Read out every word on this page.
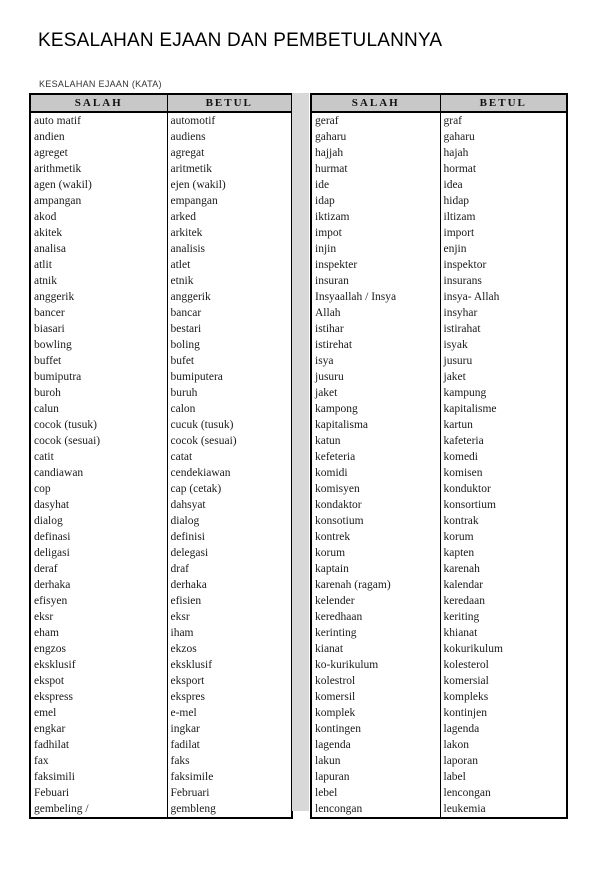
KESALAHAN EJAAN DAN PEMBETULANNYA
KESALAHAN EJAAN (KATA)
SALAH	BETUL
auto matif	automotif
andien	audiens
agreget	agregat
arithmetik	aritmetik
agen (wakil)	ejen (wakil)
ampangan	empangan
akod	arked
akitek	arkitek
analisa	analisis
atlit	atlet
atnik	etnik
anggerik	anggerik
bancer	bancar
biasari	bestari
bowling	boling
buffet	bufet
bumiputra	bumiputera
buroh	buruh
calun	calon
cocok (tusuk)	cucuk (tusuk)
cocok (sesuai)	cocok (sesuai)
catit	catat
candiawan	cendekiawan
cop	cap (cetak)
dasyhat	dahsyat
dialog	dialog
definasi	definisi
deligasi	delegasi
deraf	draf
derhaka	derhaka
efisyen	efisien
eksr	eksr
eham	iham
engzos	ekzos
eksklusif	eksklusif
ekspot	eksport
ekspress	ekspres
emel	e-mel
engkar	ingkar
fadhilat	fadilat
fax	faks
faksimili	faksimile
Febuari	Februari
gembeling /	gembleng
SALAH	BETUL
geraf	graf
gaharu	gaharu
hajjah	hajah
hurmat	hormat
ide	idea
idap	hidap
iktizam	iltizam
impot	import
injin	enjin
inspekter	inspektor
insuran	insurans
Insyaallah / Insya	insya- Allah
Allah	insyhar
istihar	istirahat
istirehat	isyak
isya	jusuru
jusuru	jaket
jaket	kampung
kampong	kapitalisme
kapitalisma	kartun
katun	kafeteria
kefeteria	komedi
komidi	komisen
komisyen	konduktor
kondaktor	konsortium
konsotium	kontrak
kontrek	korum
korum	kapten
kaptain	karenah
karenah (ragam)	kalendar
kelender	keredaan
keredhaan	keriting
kerinting	khianat
kianat	kokurikulum
ko-kurikulum	kolesterol
kolestrol	komersial
komersil	kompleks
komplek	kontinjen
kontingen	lagenda
lagenda	lakon
lakun	laporan
lapuran	label
lebel	lencongan
lencongan	leukemia
